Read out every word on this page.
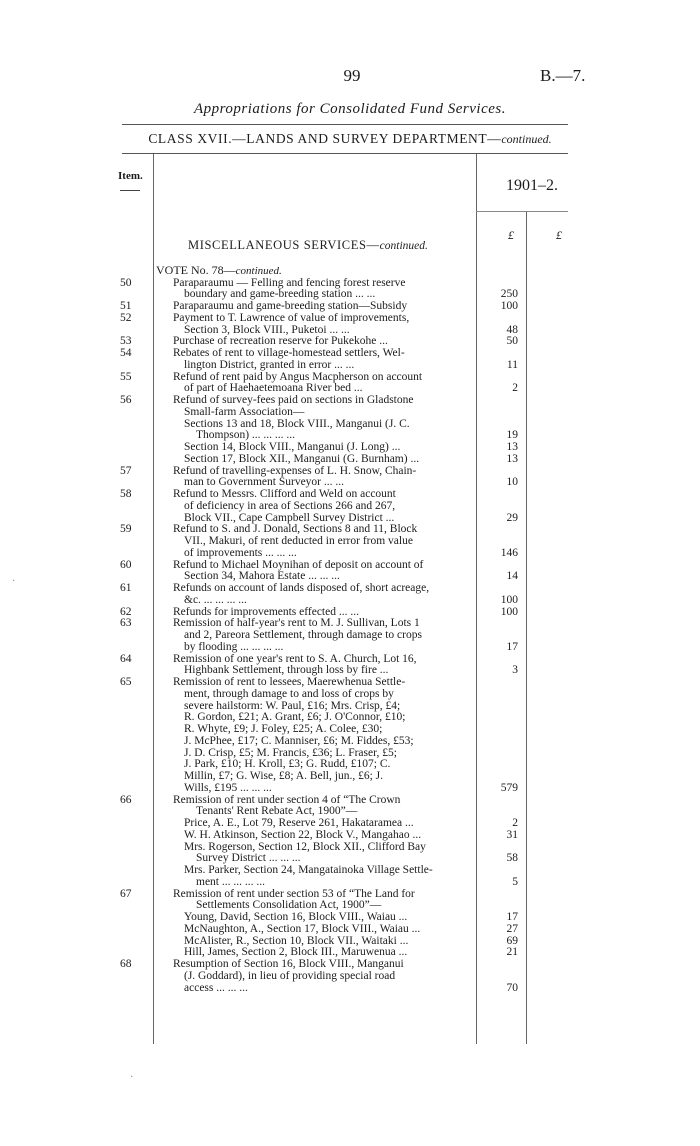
99	B.—7.
Appropriations for Consolidated Fund Services.
CLASS XVII.—LANDS AND SURVEY DEPARTMENT—continued.
Item.
1901–2.
£	£
MISCELLANEOUS SERVICES—continued.
VOTE No. 78—continued.
50	Paraparaumu — Felling and fencing forest reserve
boundary and game-breeding station ... ...	250
51	Paraparaumu and game-breeding station—Subsidy	100
52	Payment to T. Lawrence of value of improvements,
Section 3, Block VIII., Puketoi ... ...	48
53	Purchase of recreation reserve for Pukekohe ...	50
54	Rebates of rent to village-homestead settlers, Wel-
lington District, granted in error ... ...	11
55	Refund of rent paid by Angus Macpherson on account
of part of Haehaetemoana River bed ...	2
56	Refund of survey-fees paid on sections in Gladstone
Small-farm Association—
Sections 13 and 18, Block VIII., Manganui (J. C.
Thompson) ... ... ... ...	19
Section 14, Block VIII., Manganui (J. Long) ...	13
Section 17, Block XII., Manganui (G. Burnham) ...	13
57	Refund of travelling-expenses of L. H. Snow, Chain-
man to Government Surveyor ... ...	10
58	Refund to Messrs. Clifford and Weld on account
of deficiency in area of Sections 266 and 267,
Block VII., Cape Campbell Survey District ...	29
59	Refund to S. and J. Donald, Sections 8 and 11, Block
VII., Makuri, of rent deducted in error from value
of improvements ... ... ...	146
60	Refund to Michael Moynihan of deposit on account of
Section 34, Mahora Estate ... ... ...	14
61	Refunds on account of lands disposed of, short acreage,
&c. ... ... ... ...	100
62	Refunds for improvements effected ... ...	100
63	Remission of half-year's rent to M. J. Sullivan, Lots 1
and 2, Pareora Settlement, through damage to crops
by flooding ... ... ... ...	17
64	Remission of one year's rent to S. A. Church, Lot 16,
Highbank Settlement, through loss by fire ...	3
65	Remission of rent to lessees, Maerewhenua Settle-
ment, through damage to and loss of crops by
severe hailstorm: W. Paul, £16; Mrs. Crisp, £4;
R. Gordon, £21; A. Grant, £6; J. O'Connor, £10;
R. Whyte, £9; J. Foley, £25; A. Colee, £30;
J. McPhee, £17; C. Manniser, £6; M. Fiddes, £53;
J. D. Crisp, £5; M. Francis, £36; L. Fraser, £5;
J. Park, £10; H. Kroll, £3; G. Rudd, £107; C.
Millin, £7; G. Wise, £8; A. Bell, jun., £6; J.
Wills, £195 ... ... ...	579
66	Remission of rent under section 4 of “The Crown
Tenants' Rent Rebate Act, 1900”—
Price, A. E., Lot 79, Reserve 261, Hakataramea ...	2
W. H. Atkinson, Section 22, Block V., Mangahao ...	31
Mrs. Rogerson, Section 12, Block XII., Clifford Bay
Survey District ... ... ...	58
Mrs. Parker, Section 24, Mangatainoka Village Settle-
ment ... ... ... ...	5
67	Remission of rent under section 53 of “The Land for
Settlements Consolidation Act, 1900”—
Young, David, Section 16, Block VIII., Waiau ...	17
McNaughton, A., Section 17, Block VIII., Waiau ...	27
McAlister, R., Section 10, Block VII., Waitaki ...	69
Hill, James, Section 2, Block III., Maruwenua ...	21
68	Resumption of Section 16, Block VIII., Manganui
(J. Goddard), in lieu of providing special road
access ... ... ...	70
·
·
